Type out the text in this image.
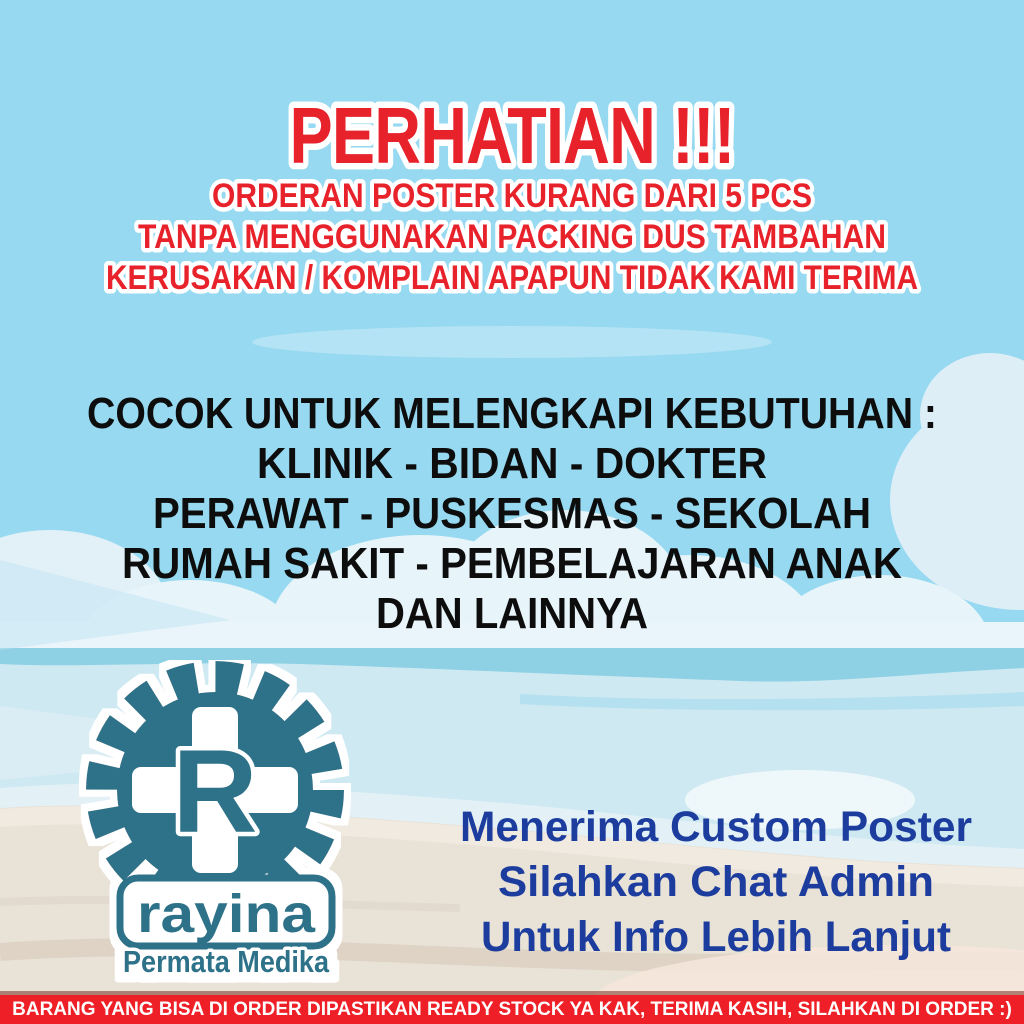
PERHATIAN !!!
ORDERAN POSTER KURANG DARI 5 PCS
TANPA MENGGUNAKAN PACKING DUS TAMBAHAN
KERUSAKAN / KOMPLAIN APAPUN TIDAK KAMI TERIMA
COCOK UNTUK MELENGKAPI KEBUTUHAN :
KLINIK - BIDAN - DOKTER
PERAWAT - PUSKESMAS - SEKOLAH
RUMAH SAKIT - PEMBELAJARAN ANAK
DAN LAINNYA
Menerima Custom Poster
Silahkan Chat Admin
Untuk Info Lebih Lanjut
R
rayina
Permata Medika
BARANG YANG BISA DI ORDER DIPASTIKAN READY STOCK YA KAK, TERIMA KASIH, SILAHKAN DI ORDER :)
